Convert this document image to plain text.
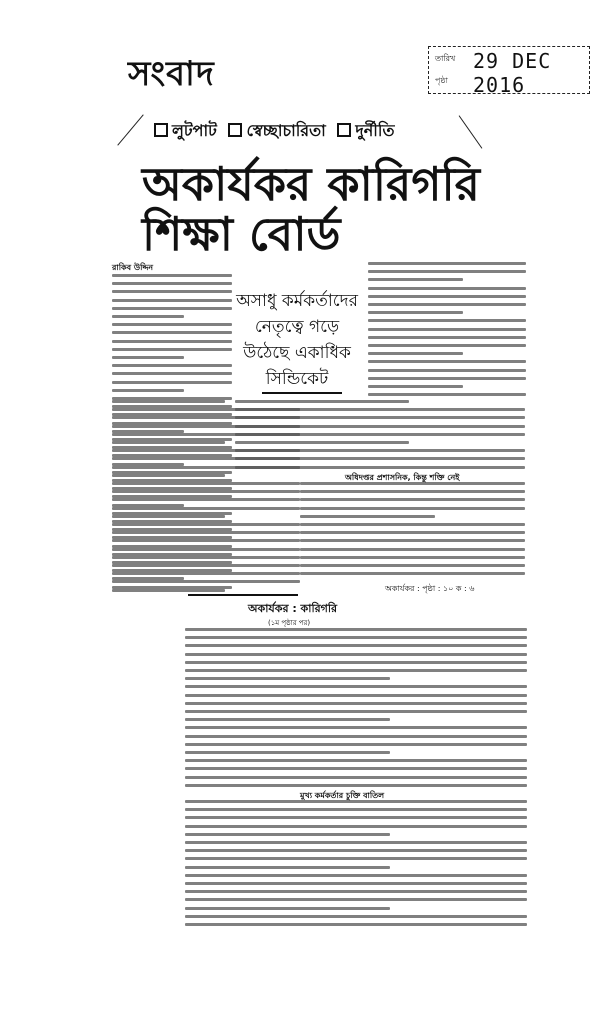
সংবাদ	তারিখ 29 DEC 2016
পৃষ্ঠা
লুটপাট স্বেচ্ছাচারিতা দুর্নীতি
অকার্যকর কারিগরি
শিক্ষা বোর্ড
রাকিব উদ্দিন
অসাধু কর্মকর্তাদের
নেতৃত্বে গড়ে
উঠেছে একাধিক
সিন্ডিকেট
অধিদপ্তর প্রশাসনিক, কিন্তু শক্তি নেই
অকার্যকর : পৃষ্ঠা : ১০ ক : ৬
অকার্যকর : কারিগরি
(১ম পৃষ্ঠার পর)
মুখ্য কর্মকর্তার চুক্তি বাতিল
